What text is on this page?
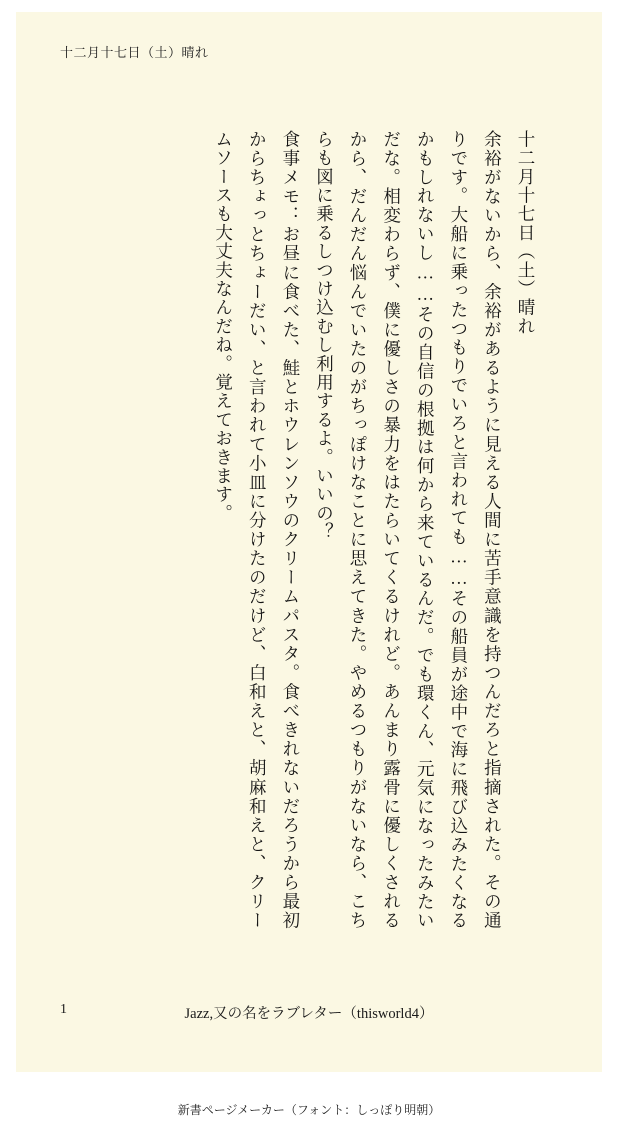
十二月十七日（土）晴れ
十二月十七日（土）晴れ
余裕がないから、余裕があるように見える人間に苦手意識を持つんだろと指摘された。その通りです。大船に乗ったつもりでいろと言われても……その船員が途中で海に飛び込みたくなるかもしれないし……その自信の根拠は何から来ているんだ。でも環くん、元気になったみたいだな。相変わらず、僕に優しさの暴力をはたらいてくるけれど。あんまり露骨に優しくされるから、だんだん悩んでいたのがちっぽけなことに思えてきた。やめるつもりがないなら、こちらも図に乗るしつけ込むし利用するよ。いいの？
食事メモ：お昼に食べた、鮭とホウレンソウのクリームパスタ。食べきれないだろうから最初からちょっとちょーだい、と言われて小皿に分けたのだけど、白和えと、胡麻和えと、クリームソースも大丈夫なんだね。覚えておきます。
1	Jazz,又の名をラブレター（thisworld4）
新書ページメーカー（フォント：しっぽり明朝）
